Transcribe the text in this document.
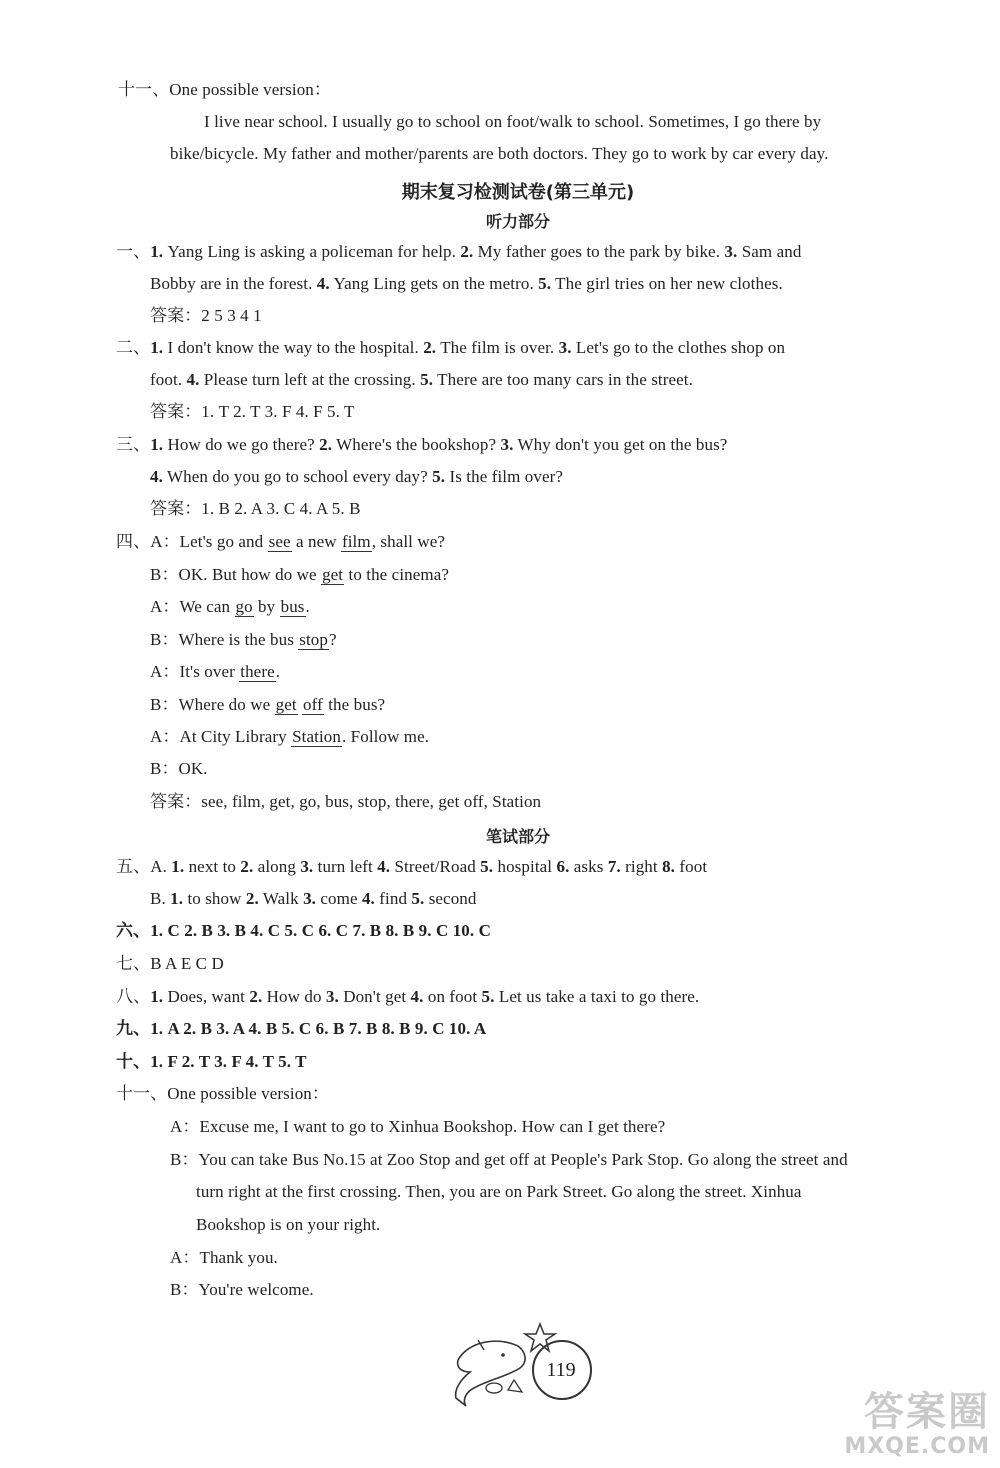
十一、One possible version：
I live near school. I usually go to school on foot/walk to school. Sometimes, I go there by
bike/bicycle. My father and mother/parents are both doctors. They go to work by car every day.
期末复习检测试卷(第三单元)
听力部分
一、1. Yang Ling is asking a policeman for help. 2. My father goes to the park by bike. 3. Sam and
Bobby are in the forest. 4. Yang Ling gets on the metro. 5. The girl tries on her new clothes.
答案：2 5 3 4 1
二、1. I don't know the way to the hospital. 2. The film is over. 3. Let's go to the clothes shop on
foot. 4. Please turn left at the crossing. 5. There are too many cars in the street.
答案：1. T 2. T 3. F 4. F 5. T
三、1. How do we go there? 2. Where's the bookshop? 3. Why don't you get on the bus?
4. When do you go to school every day? 5. Is the film over?
答案：1. B 2. A 3. C 4. A 5. B
四、A：Let's go and see a new film, shall we?
B：OK. But how do we get to the cinema?
A：We can go by bus.
B：Where is the bus stop?
A：It's over there.
B：Where do we get off the bus?
A：At City Library Station. Follow me.
B：OK.
答案：see, film, get, go, bus, stop, there, get off, Station
笔试部分
五、A. 1. next to 2. along 3. turn left 4. Street/Road 5. hospital 6. asks 7. right 8. foot
B. 1. to show 2. Walk 3. come 4. find 5. second
六、1. C 2. B 3. B 4. C 5. C 6. C 7. B 8. B 9. C 10. C
七、B A E C D
八、1. Does, want 2. How do 3. Don't get 4. on foot 5. Let us take a taxi to go there.
九、1. A 2. B 3. A 4. B 5. C 6. B 7. B 8. B 9. C 10. A
十、1. F 2. T 3. F 4. T 5. T
十一、One possible version：
A：Excuse me, I want to go to Xinhua Bookshop. How can I get there?
B：You can take Bus No.15 at Zoo Stop and get off at People's Park Stop. Go along the street and
turn right at the first crossing. Then, you are on Park Street. Go along the street. Xinhua
Bookshop is on your right.
A：Thank you.
B：You're welcome.
119
答案圈
MXQE.COM
